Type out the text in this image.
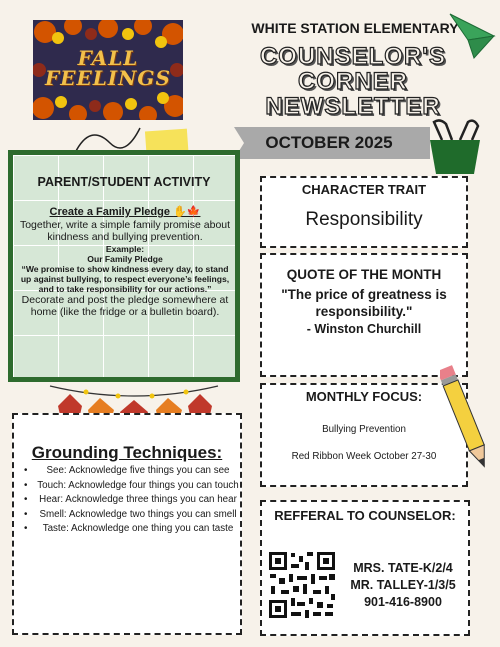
FALL
FEELINGS
WHITE STATION ELEMENTARY
COUNSELOR'S
CORNER
NEWSLETTER
OCTOBER 2025
PARENT/STUDENT ACTIVITY
Create a Family Pledge ✋🍁
Together, write a simple family promise about kindness and bullying prevention.
Example:
Our Family Pledge
“We promise to show kindness every day, to stand up against bullying, to respect everyone’s feelings, and to take responsibility for our actions.”
Decorate and post the pledge somewhere at home (like the fridge or a bulletin board).
Grounding Techniques:
• See: Acknowledge five things you can see
• Touch: Acknowledge four things you can touch
• Hear: Acknowledge three things you can hear
• Smell: Acknowledge two things you can smell
• Taste: Acknowledge one thing you can taste
CHARACTER TRAIT
Responsibility
QUOTE OF THE MONTH
"The price of greatness is responsibility."
- Winston Churchill
MONTHLY FOCUS:
Bullying Prevention
Red Ribbon Week October 27-30
REFFERAL TO COUNSELOR:
MRS. TATE-K/2/4
MR. TALLEY-1/3/5
901-416-8900
